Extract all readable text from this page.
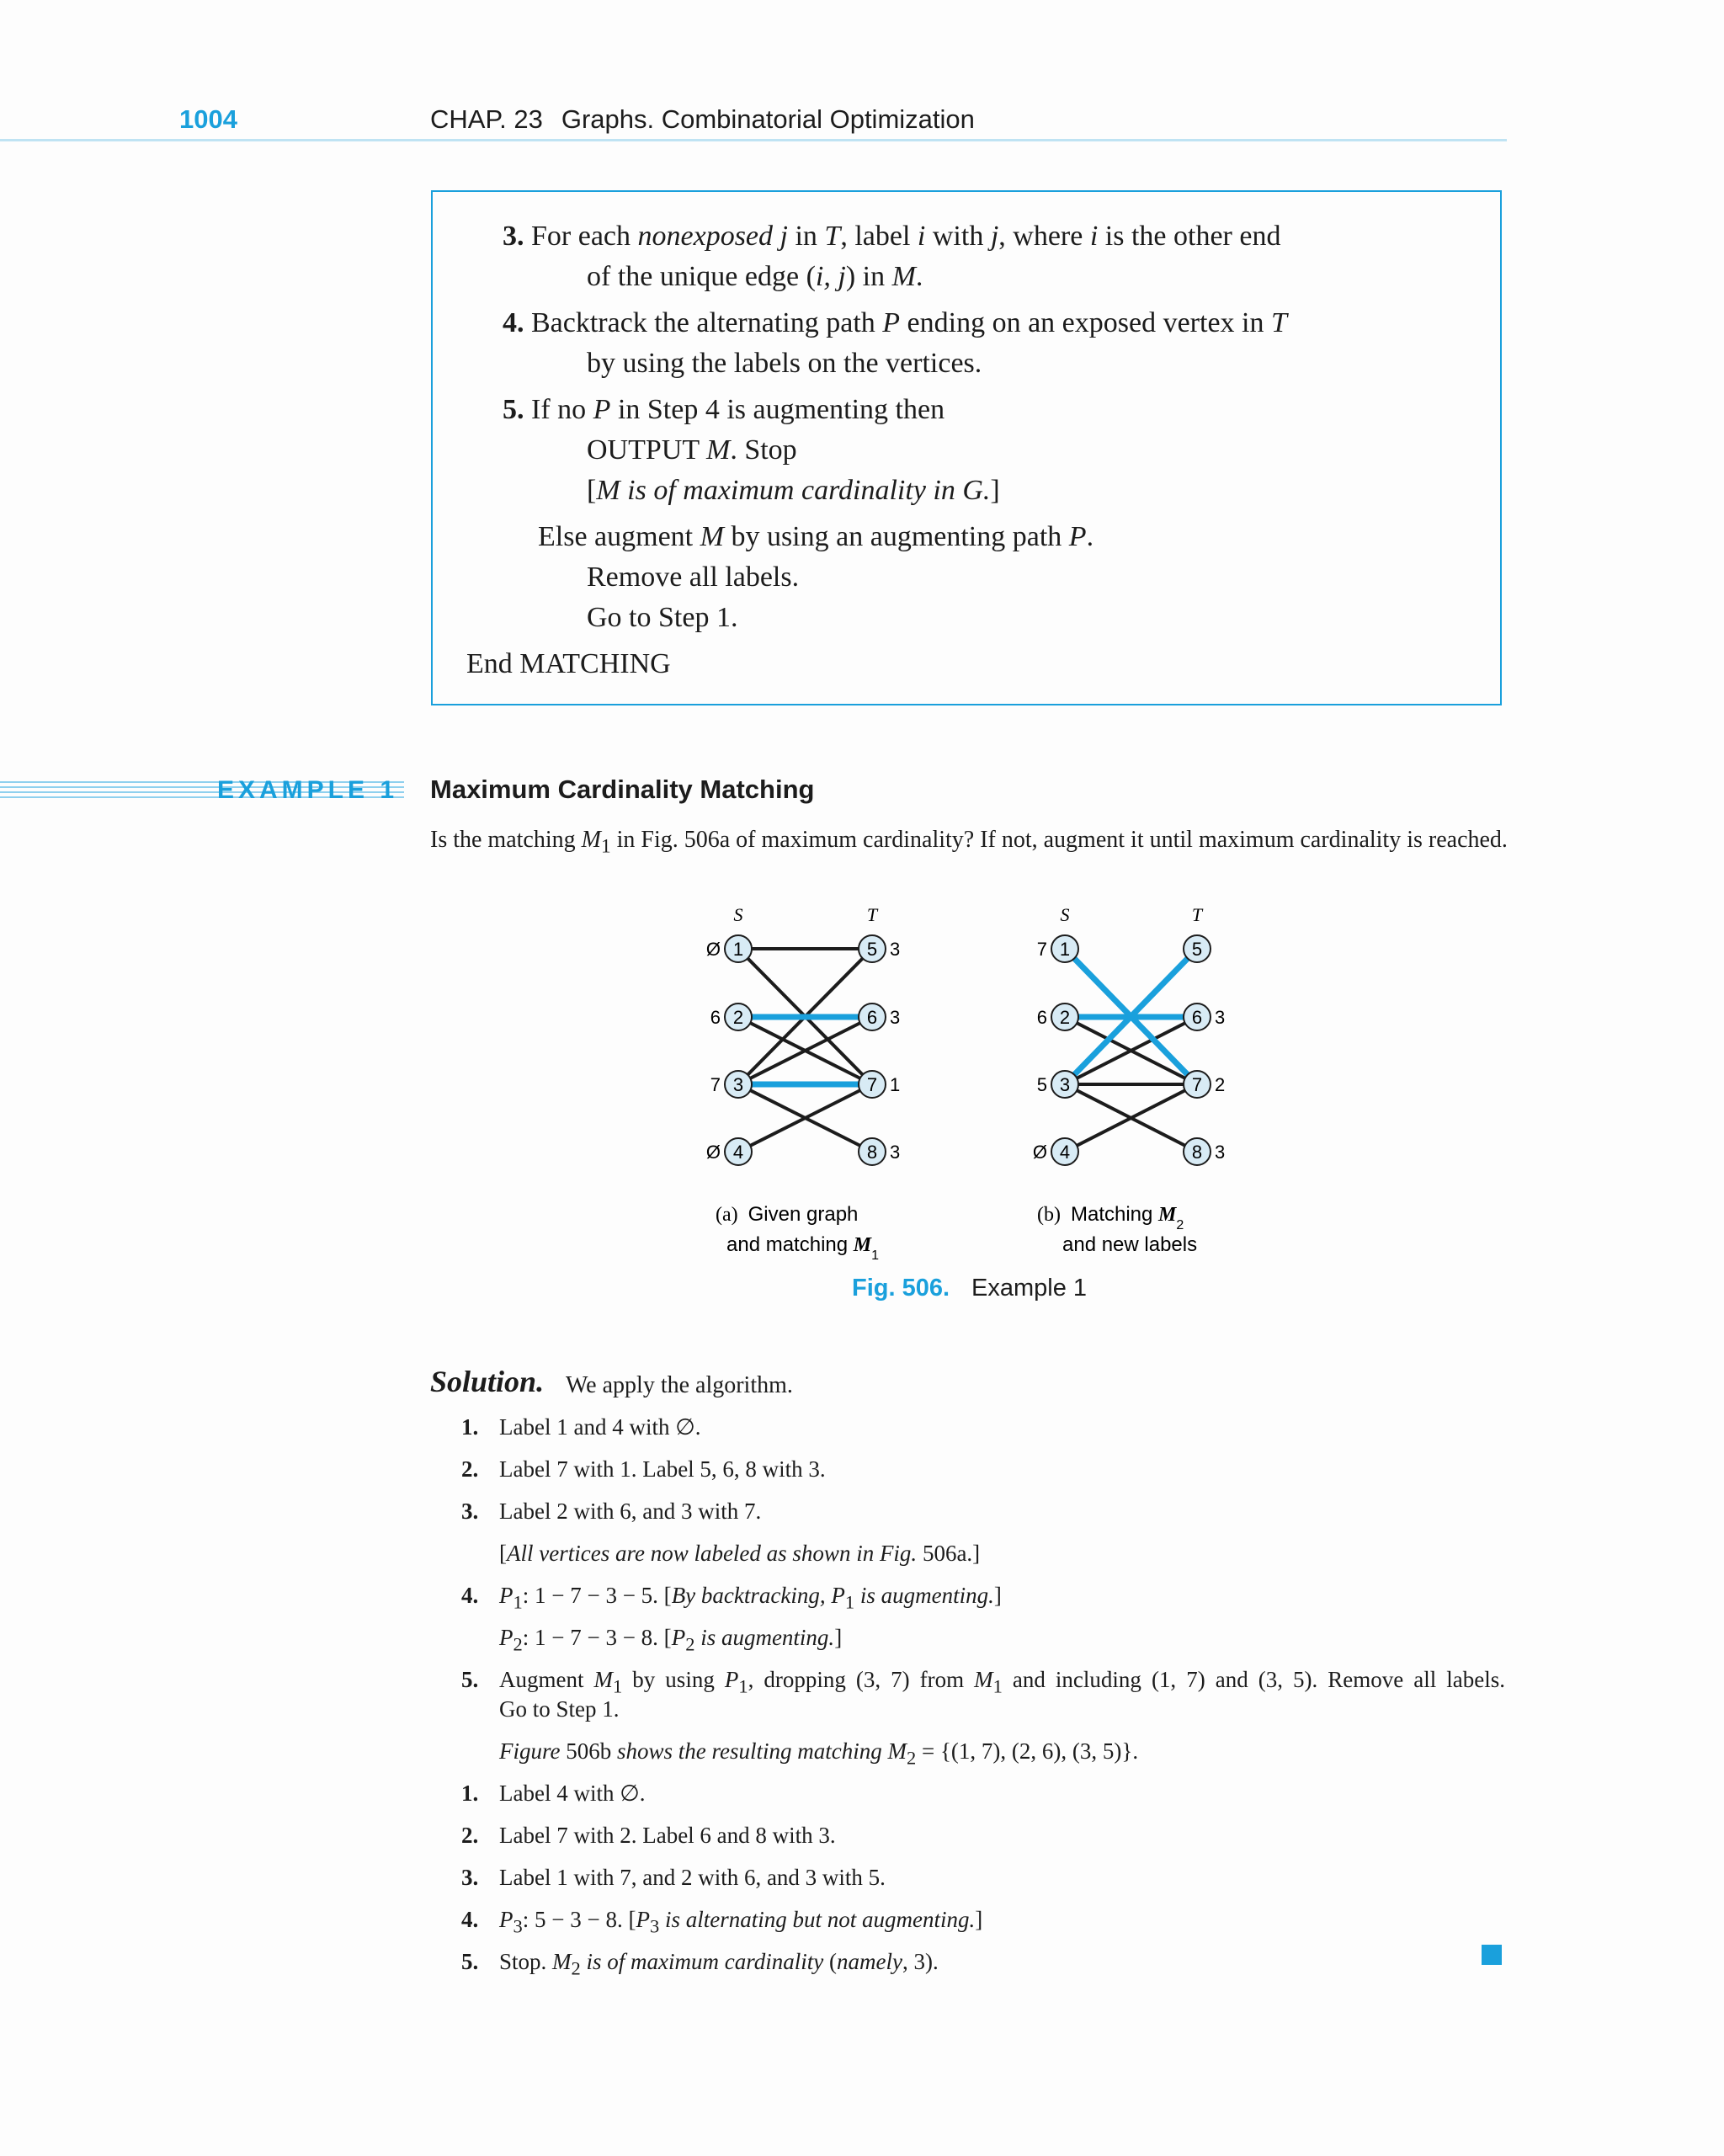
1004	CHAP. 23 Graphs. Combinatorial Optimization
3. For each nonexposed j in T, label i with j, where i is the other end
of the unique edge (i, j) in M.
4. Backtrack the alternating path P ending on an exposed vertex in T
by using the labels on the vertices.
5. If no P in Step 4 is augmenting then
OUTPUT M. Stop
[M is of maximum cardinality in G.]
Else augment M by using an augmenting path P.
Remove all labels.
Go to Step 1.
End MATCHING
EXAMPLE 1 Maximum Cardinality Matching
Is the matching $M_1$ in Fig. 506a of maximum cardinality? If not, augment it until maximum cardinality is reached.
S	T
1
Ø
2
6
3
7
4
Ø
5 3
6 3
7 1
8 3
S	T
1
7
2
6
3
5
4
Ø
5
6 3
7 2
8 3
(a) Given graph
and matching $M_1$
(b) Matching $M_2$
and new labels
Fig. 506. Example 1
Solution. We apply the algorithm.
1. Label 1 and 4 with ∅.
2. Label 7 with 1. Label 5, 6, 8 with 3.
3. Label 2 with 6, and 3 with 7.
[All vertices are now labeled as shown in Fig. 506a.]
4. $P_1$: 1 − 7 − 3 − 5. [By backtracking, $P_1$ is augmenting.]
$P_2$: 1 − 7 − 3 − 8. [$P_2$ is augmenting.]
5. Augment $M_1$ by using $P_1$, dropping (3, 7) from $M_1$ and including (1, 7) and (3, 5). Remove all labels.
Go to Step 1.
Figure 506b shows the resulting matching $M_2 = \{(1$, 7), (2, 6), (3, 5)}.
1. Label 4 with ∅.
2. Label 7 with 2. Label 6 and 8 with 3.
3. Label 1 with 7, and 2 with 6, and 3 with 5.
4. $P_3$: 5 − 3 − 8. [$P_3$ is alternating but not augmenting.]
5. Stop. $M_2$ is of maximum cardinality (namely, 3).
